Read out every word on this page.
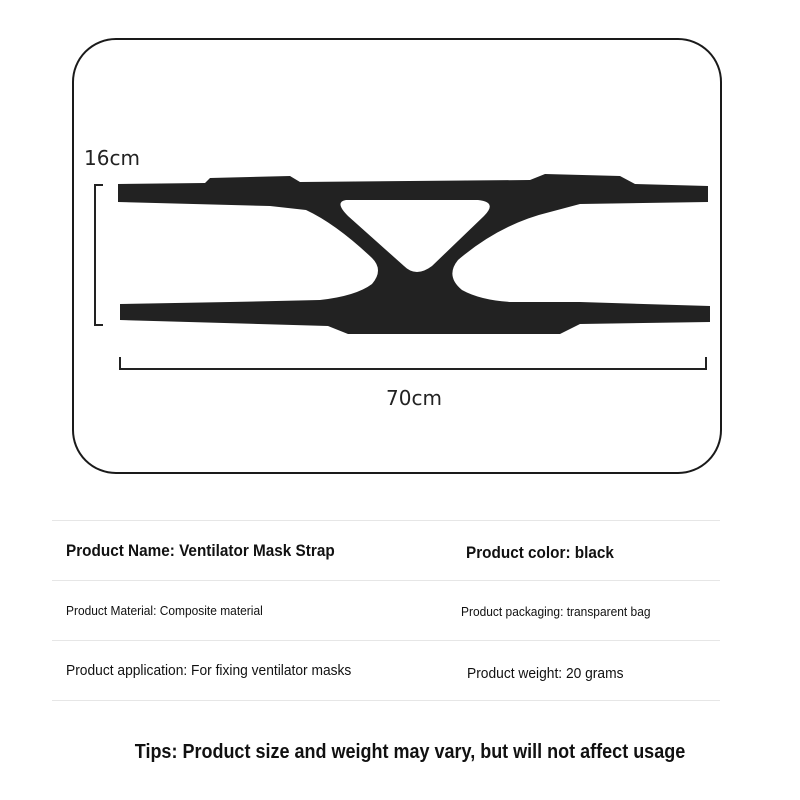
16cm
70cm
Product Name: Ventilator Mask Strap	Product color: black
Product Material: Composite material	Product packaging: transparent bag
Product application: For fixing ventilator masks	Product weight: 20 grams
Tips: Product size and weight may vary, but will not affect usage
